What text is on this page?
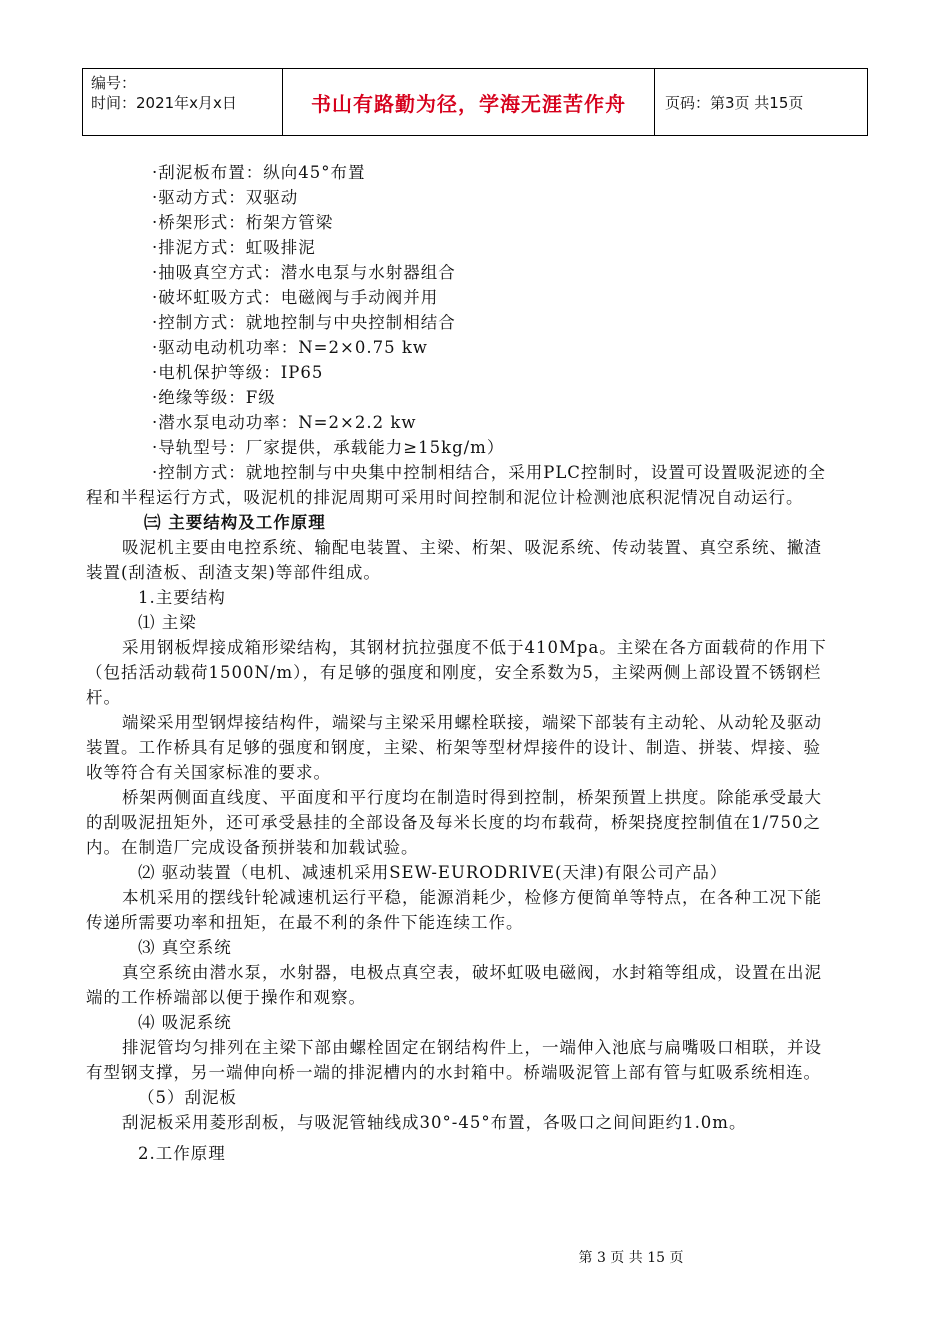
编号：
时间：2021年x月x日	书山有路勤为径，学海无涯苦作舟	页码：第3页 共15页

·刮泥板布置：纵向45°布置

·驱动方式：双驱动

·桥架形式：桁架方管梁

·排泥方式：虹吸排泥

·抽吸真空方式：潜水电泵与水射器组合

·破坏虹吸方式：电磁阀与手动阀并用

·控制方式：就地控制与中央控制相结合

·驱动电动机功率：N=2×0.75 kw

·电机保护等级：IP65

·绝缘等级：F级

·潜水泵电动功率：N=2×2.2 kw

·导轨型号：厂家提供，承载能力≥15kg/m）

·控制方式：就地控制与中央集中控制相结合，采用PLC控制时，设置可设置吸泥迹的全程和半程运行方式，吸泥机的排泥周期可采用时间控制和泥位计检测池底积泥情况自动运行。

㈢ 主要结构及工作原理

吸泥机主要由电控系统、输配电装置、主梁、桁架、吸泥系统、传动装置、真空系统、撇渣装置(刮渣板、刮渣支架)等部件组成。

1.主要结构

⑴ 主梁

采用钢板焊接成箱形梁结构，其钢材抗拉强度不低于410Mpa。主梁在各方面载荷的作用下（包括活动载荷1500N/m），有足够的强度和刚度，安全系数为5，主梁两侧上部设置不锈钢栏杆。

端梁采用型钢焊接结构件，端梁与主梁采用螺栓联接，端梁下部装有主动轮、从动轮及驱动装置。工作桥具有足够的强度和钢度，主梁、桁架等型材焊接件的设计、制造、拼装、焊接、验收等符合有关国家标准的要求。

桥架两侧面直线度、平面度和平行度均在制造时得到控制，桥架预置上拱度。除能承受最大的刮吸泥扭矩外，还可承受悬挂的全部设备及每米长度的均布载荷，桥架挠度控制值在1/750之内。在制造厂完成设备预拼装和加载试验。

⑵ 驱动装置（电机、减速机采用SEW-EURODRIVE(天津)有限公司产品）

本机采用的摆线针轮减速机运行平稳，能源消耗少，检修方便简单等特点，在各种工况下能传递所需要功率和扭矩，在最不利的条件下能连续工作。

⑶ 真空系统

真空系统由潜水泵，水射器，电极点真空表，破坏虹吸电磁阀，水封箱等组成，设置在出泥端的工作桥端部以便于操作和观察。

⑷ 吸泥系统

排泥管均匀排列在主梁下部由螺栓固定在钢结构件上，一端伸入池底与扁嘴吸口相联，并设有型钢支撑，另一端伸向桥一端的排泥槽内的水封箱中。桥端吸泥管上部有管与虹吸系统相连。

（5）刮泥板

刮泥板采用菱形刮板，与吸泥管轴线成30°-45°布置，各吸口之间间距约1.0m。

2.工作原理

第 3 页 共 15 页
